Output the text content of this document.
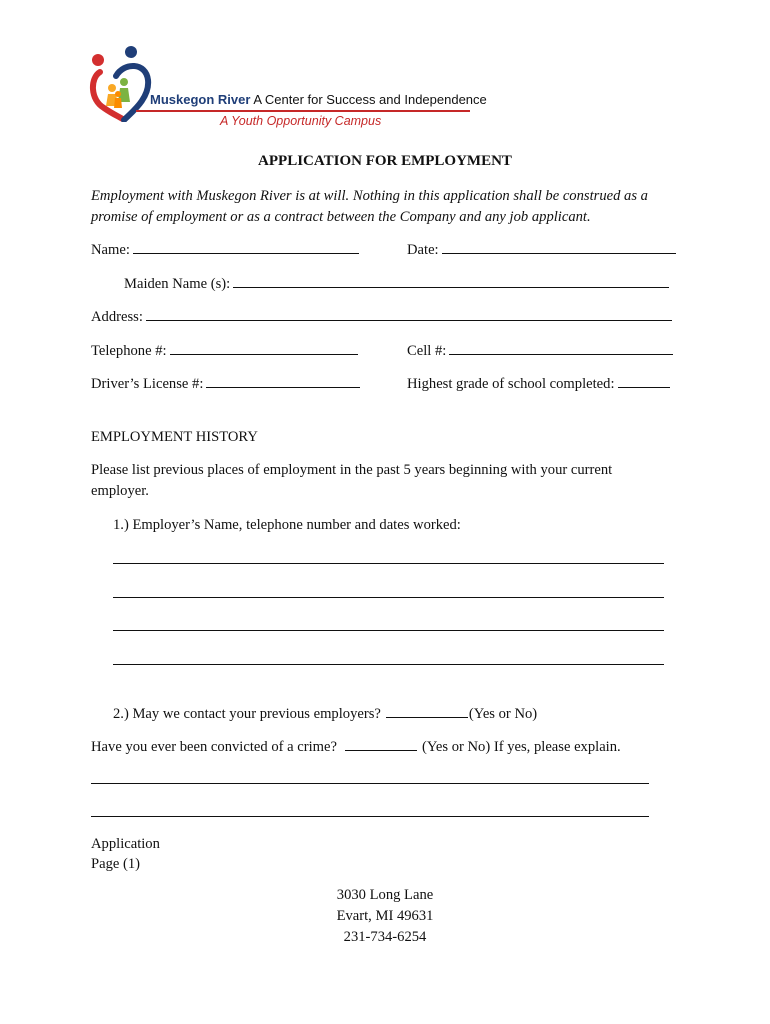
Muskegon River A Center for Success and Independence
A Youth Opportunity Campus
APPLICATION FOR EMPLOYMENT
Employment with Muskegon River is at will. Nothing in this application shall be construed as a promise of employment or as a contract between the Company and any job applicant.
Name:	Date:
Maiden Name (s):
Address:
Telephone #:	Cell #:
Driver’s License #:	Highest grade of school completed:
EMPLOYMENT HISTORY
Please list previous places of employment in the past 5 years beginning with your current employer.
1.) Employer’s Name, telephone number and dates worked:
2.) May we contact your previous employers?	(Yes or No)
Have you ever been convicted of a crime?	(Yes or No) If yes, please explain.
Application
Page (1)
3030 Long Lane
Evart, MI 49631
231-734-6254
